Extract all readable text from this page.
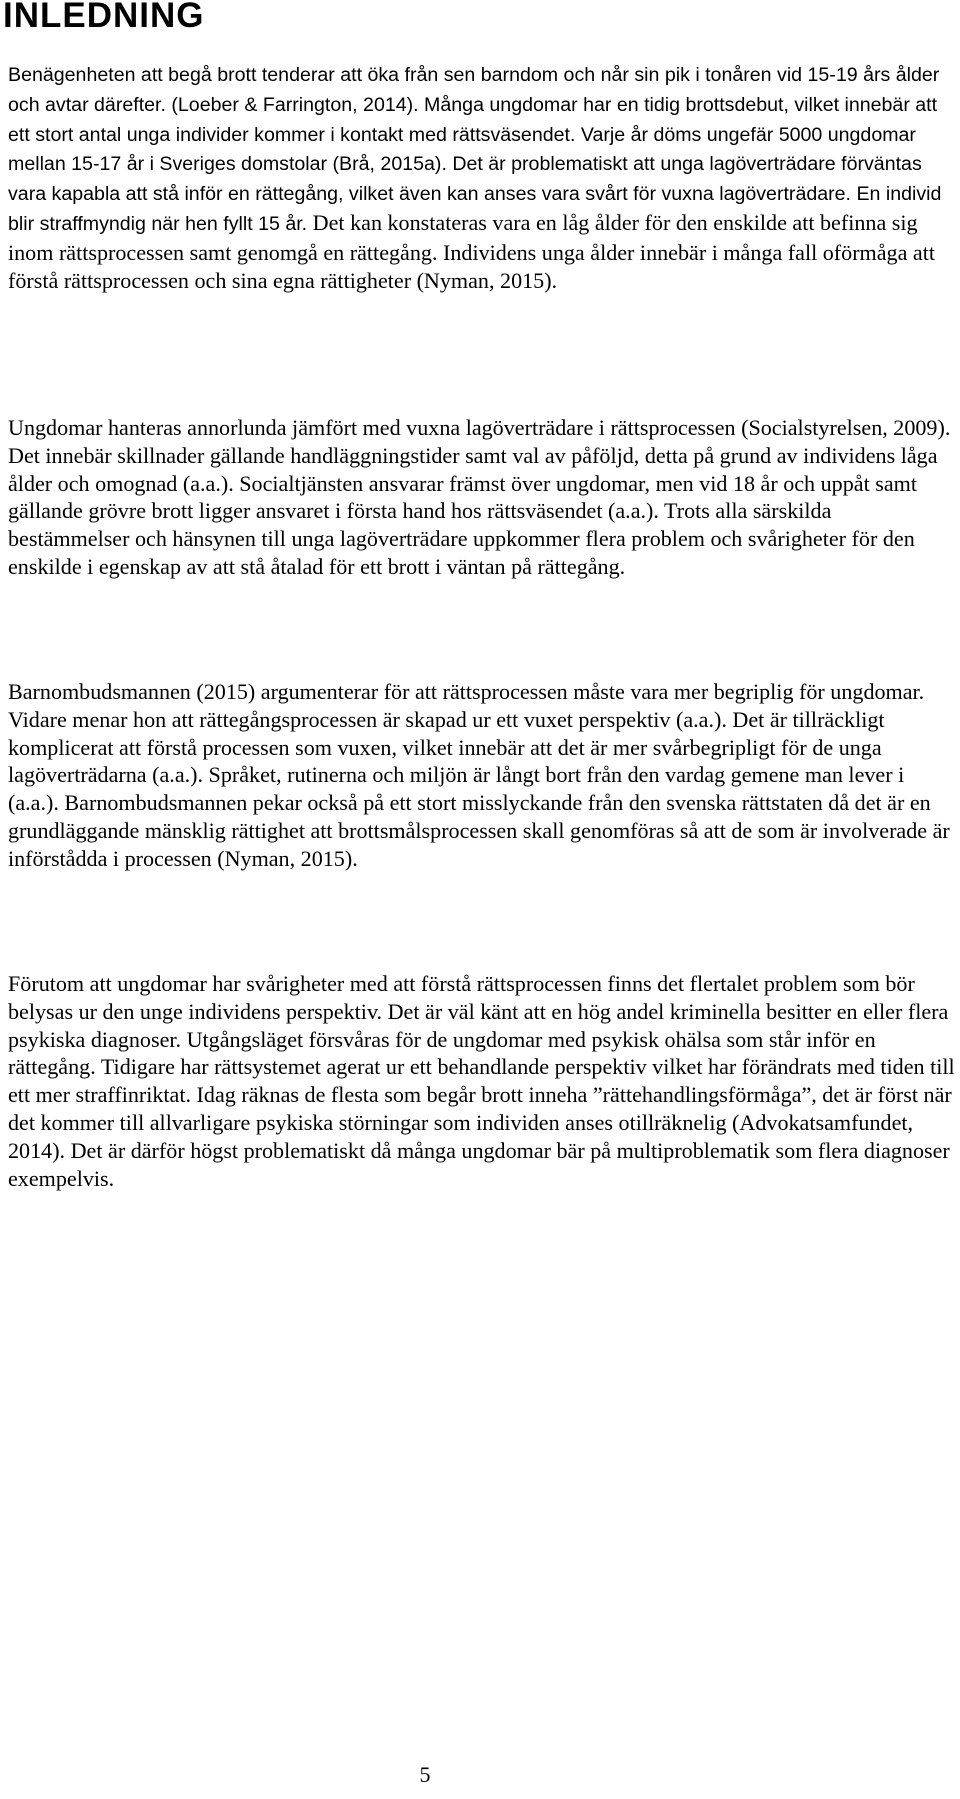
INLEDNING

Benägenheten att begå brott tenderar att öka från sen barndom och når sin pik i tonåren vid 15-19 års ålder och avtar därefter. (Loeber & Farrington, 2014). Många ungdomar har en tidig brottsdebut, vilket innebär att ett stort antal unga individer kommer i kontakt med rättsväsendet. Varje år döms ungefär 5000 ungdomar mellan 15-17 år i Sveriges domstolar (Brå, 2015a). Det är problematiskt att unga lagöverträdare förväntas vara kapabla att stå inför en rättegång, vilket även kan anses vara svårt för vuxna lagöverträdare. En individ blir straffmyndig när hen fyllt 15 år. Det kan konstateras vara en låg ålder för den enskilde att befinna sig inom rättsprocessen samt genomgå en rättegång. Individens unga ålder innebär i många fall oförmåga att förstå rättsprocessen och sina egna rättigheter (Nyman, 2015).

Ungdomar hanteras annorlunda jämfört med vuxna lagöverträdare i rättsprocessen (Socialstyrelsen, 2009). Det innebär skillnader gällande handläggningstider samt val av påföljd, detta på grund av individens låga ålder och omognad (a.a.). Socialtjänsten ansvarar främst över ungdomar, men vid 18 år och uppåt samt gällande grövre brott ligger ansvaret i första hand hos rättsväsendet (a.a.). Trots alla särskilda bestämmelser och hänsynen till unga lagöverträdare uppkommer flera problem och svårigheter för den enskilde i egenskap av att stå åtalad för ett brott i väntan på rättegång.

Barnombudsmannen (2015) argumenterar för att rättsprocessen måste vara mer begriplig för ungdomar. Vidare menar hon att rättegångsprocessen är skapad ur ett vuxet perspektiv (a.a.). Det är tillräckligt komplicerat att förstå processen som vuxen, vilket innebär att det är mer svårbegripligt för de unga lagöverträdarna (a.a.). Språket, rutinerna och miljön är långt bort från den vardag gemene man lever i (a.a.). Barnombudsmannen pekar också på ett stort misslyckande från den svenska rättstaten då det är en grundläggande mänsklig rättighet att brottsmålsprocessen skall genomföras så att de som är involverade är införstådda i processen (Nyman, 2015).

Förutom att ungdomar har svårigheter med att förstå rättsprocessen finns det flertalet problem som bör belysas ur den unge individens perspektiv. Det är väl känt att en hög andel kriminella besitter en eller flera psykiska diagnoser. Utgångsläget försvåras för de ungdomar med psykisk ohälsa som står inför en rättegång. Tidigare har rättsystemet agerat ur ett behandlande perspektiv vilket har förändrats med tiden till ett mer straffinriktat. Idag räknas de flesta som begår brott inneha ”rättehandlingsförmåga”, det är först när det kommer till allvarligare psykiska störningar som individen anses otillräknelig (Advokatsamfundet, 2014). Det är därför högst problematiskt då många ungdomar bär på multiproblematik som flera diagnoser exempelvis.

5
